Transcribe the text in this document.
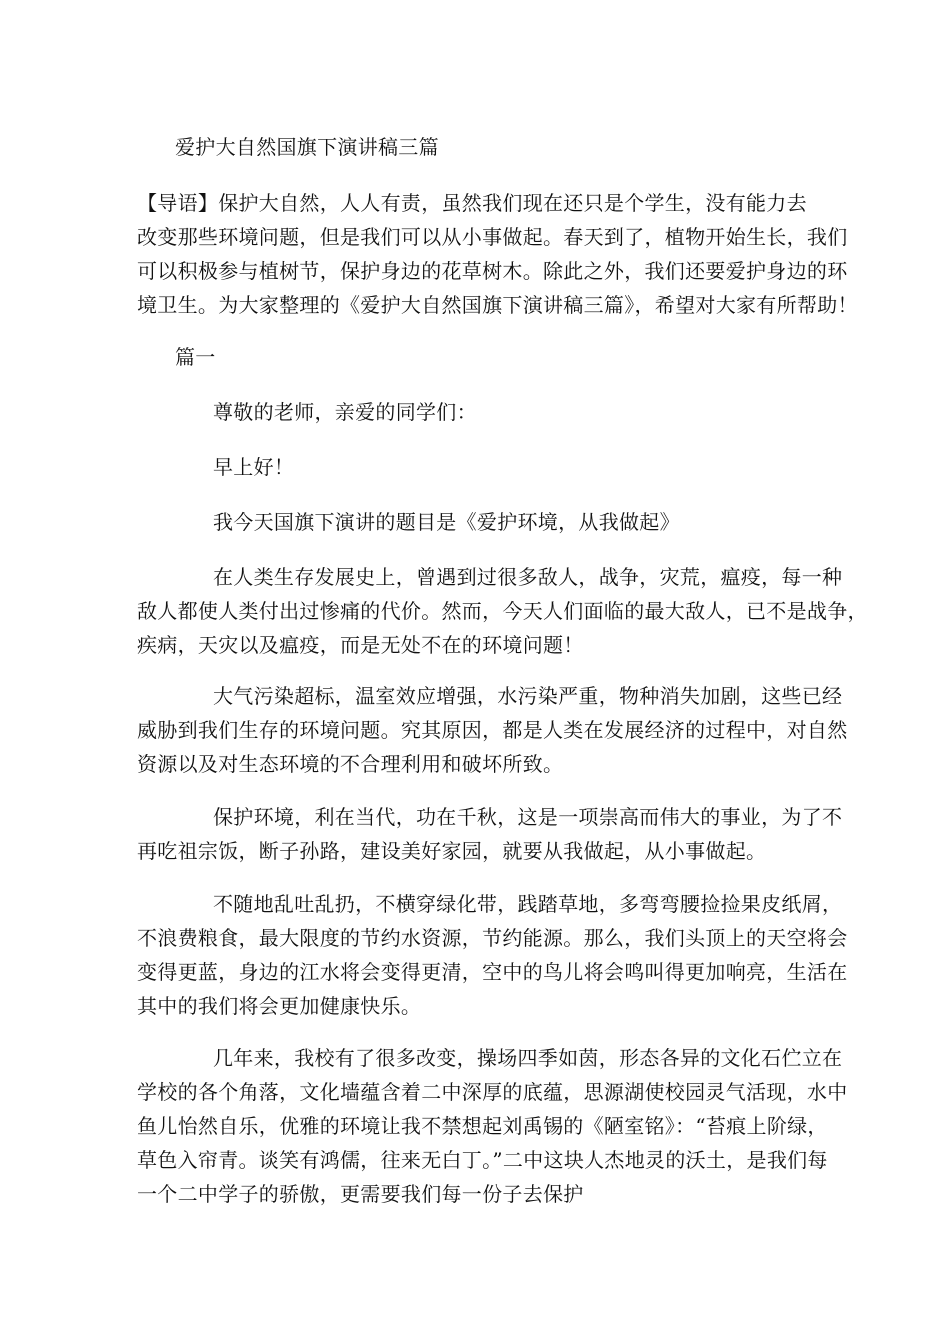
爱护大自然国旗下演讲稿三篇
【导语】保护大自然，人人有责，虽然我们现在还只是个学生，没有能力去
改变那些环境问题，但是我们可以从小事做起。春天到了，植物开始生长，我们
可以积极参与植树节，保护身边的花草树木。除此之外，我们还要爱护身边的环
境卫生。为大家整理的《爱护大自然国旗下演讲稿三篇》，希望对大家有所帮助！
篇一
尊敬的老师，亲爱的同学们：
早上好！
我今天国旗下演讲的题目是《爱护环境，从我做起》
在人类生存发展史上，曾遇到过很多敌人，战争，灾荒，瘟疫，每一种
敌人都使人类付出过惨痛的代价。然而，今天人们面临的最大敌人，已不是战争，
疾病，天灾以及瘟疫，而是无处不在的环境问题！
大气污染超标，温室效应增强，水污染严重，物种消失加剧，这些已经
威胁到我们生存的环境问题。究其原因，都是人类在发展经济的过程中，对自然
资源以及对生态环境的不合理利用和破坏所致。
保护环境，利在当代，功在千秋，这是一项崇高而伟大的事业，为了不
再吃祖宗饭，断子孙路，建设美好家园，就要从我做起，从小事做起。
不随地乱吐乱扔，不横穿绿化带，践踏草地，多弯弯腰捡捡果皮纸屑，
不浪费粮食，最大限度的节约水资源，节约能源。那么，我们头顶上的天空将会
变得更蓝，身边的江水将会变得更清，空中的鸟儿将会鸣叫得更加响亮，生活在
其中的我们将会更加健康快乐。
几年来，我校有了很多改变，操场四季如茵，形态各异的文化石伫立在
学校的各个角落，文化墙蕴含着二中深厚的底蕴，思源湖使校园灵气活现，水中
鱼儿怡然自乐，优雅的环境让我不禁想起刘禹锡的《陋室铭》：“苔痕上阶绿，
草色入帘青。谈笑有鸿儒，往来无白丁。”二中这块人杰地灵的沃土，是我们每
一个二中学子的骄傲，更需要我们每一份子去保护
